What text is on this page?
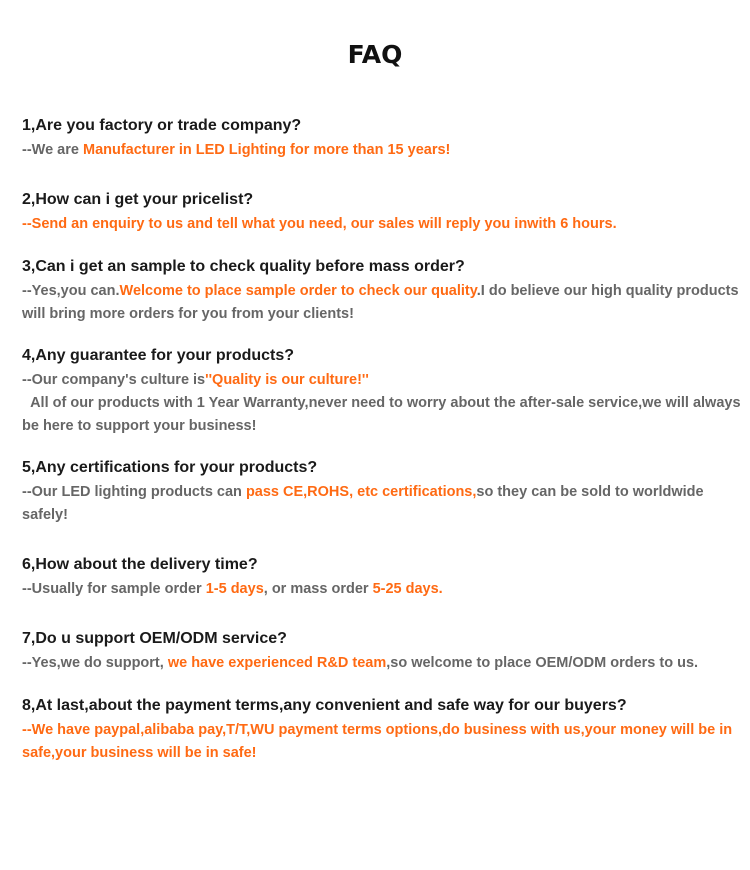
FAQ
1,Are you factory or trade company?
--We are Manufacturer in LED Lighting for more than 15 years!
2,How can i get your pricelist?
--Send an enquiry to us and tell what you need, our sales will reply you inwith 6 hours.
3,Can i get an sample to check quality before mass order?
--Yes,you can.Welcome to place sample order to check our quality.I do believe our high quality products will bring more orders for you from your clients!
4,Any guarantee for your products?
--Our company's culture is''Quality is our culture!''
All of our products with 1 Year Warranty,never need to worry about the after-sale service,we will always be here to support your business!
5,Any certifications for your products?
--Our LED lighting products can pass CE,ROHS, etc certifications,so they can be sold to worldwide safely!
6,How about the delivery time?
--Usually for sample order 1-5 days, or mass order 5-25 days.
7,Do u support OEM/ODM service?
--Yes,we do support, we have experienced R&D team,so welcome to place OEM/ODM orders to us.
8,At last,about the payment terms,any convenient and safe way for our buyers?
--We have paypal,alibaba pay,T/T,WU payment terms options,do business with us,your money will be in safe,your business will be in safe!
